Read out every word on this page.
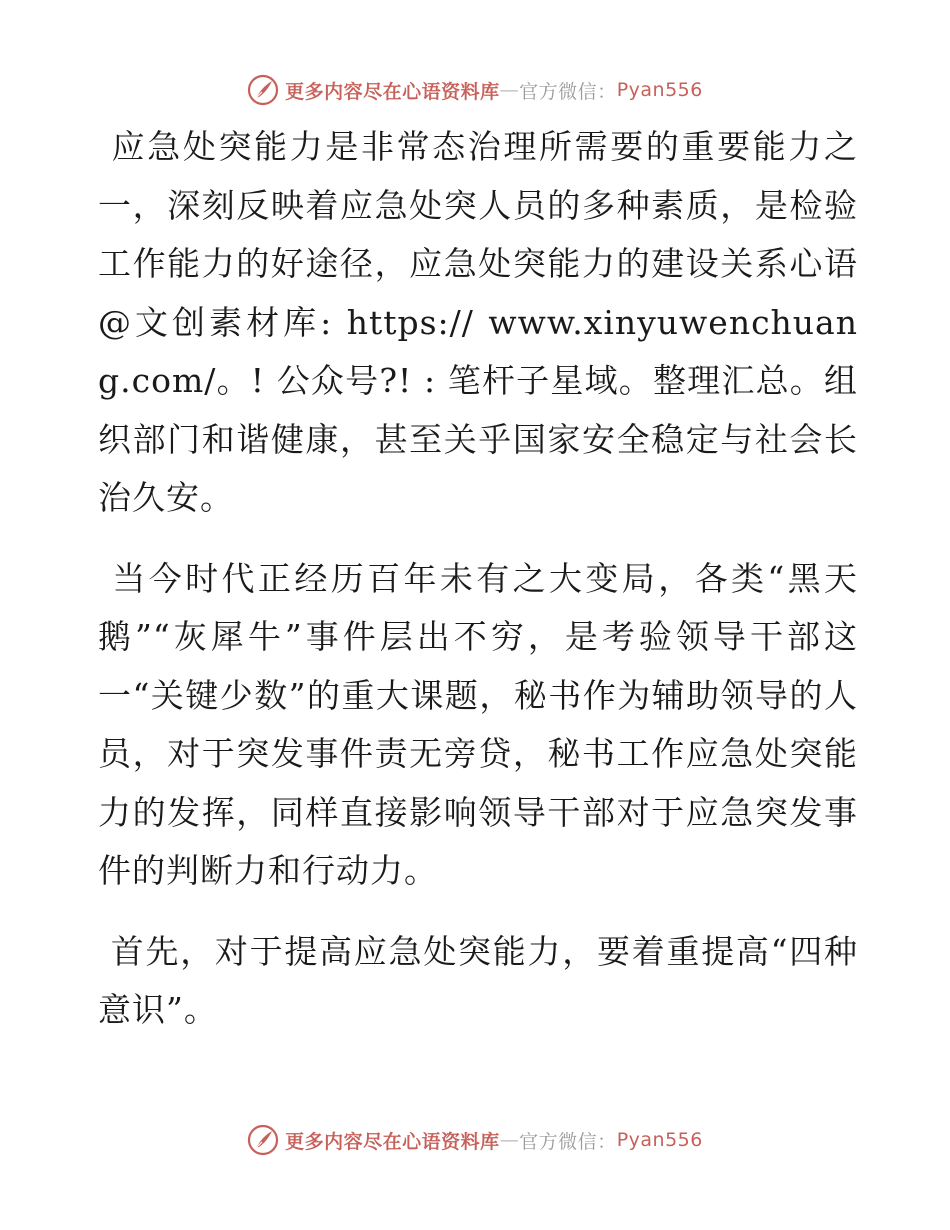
更多内容尽在心语资料库 — 官方微信： Pyan556

应急处突能力是非常态治理所需要的重要能力之一，深刻反映着应急处突人员的多种素质，是检验工作能力的好途径，应急处突能力的建设关系心语@文创素材库: https:// www.xinyuwenchuang.com/。! 公众号?! : 笔杆子星域。整理汇总。组织部门和谐健康，甚至关乎国家安全稳定与社会长治久安。

当今时代正经历百年未有之大变局，各类“黑天鹅”“灰犀牛”事件层出不穷，是考验领导干部这一“关键少数”的重大课题，秘书作为辅助领导的人员，对于突发事件责无旁贷，秘书工作应急处突能力的发挥，同样直接影响领导干部对于应急突发事件的判断力和行动力。

首先，对于提高应急处突能力，要着重提高“四种意识”。

更多内容尽在心语资料库 — 官方微信： Pyan556
